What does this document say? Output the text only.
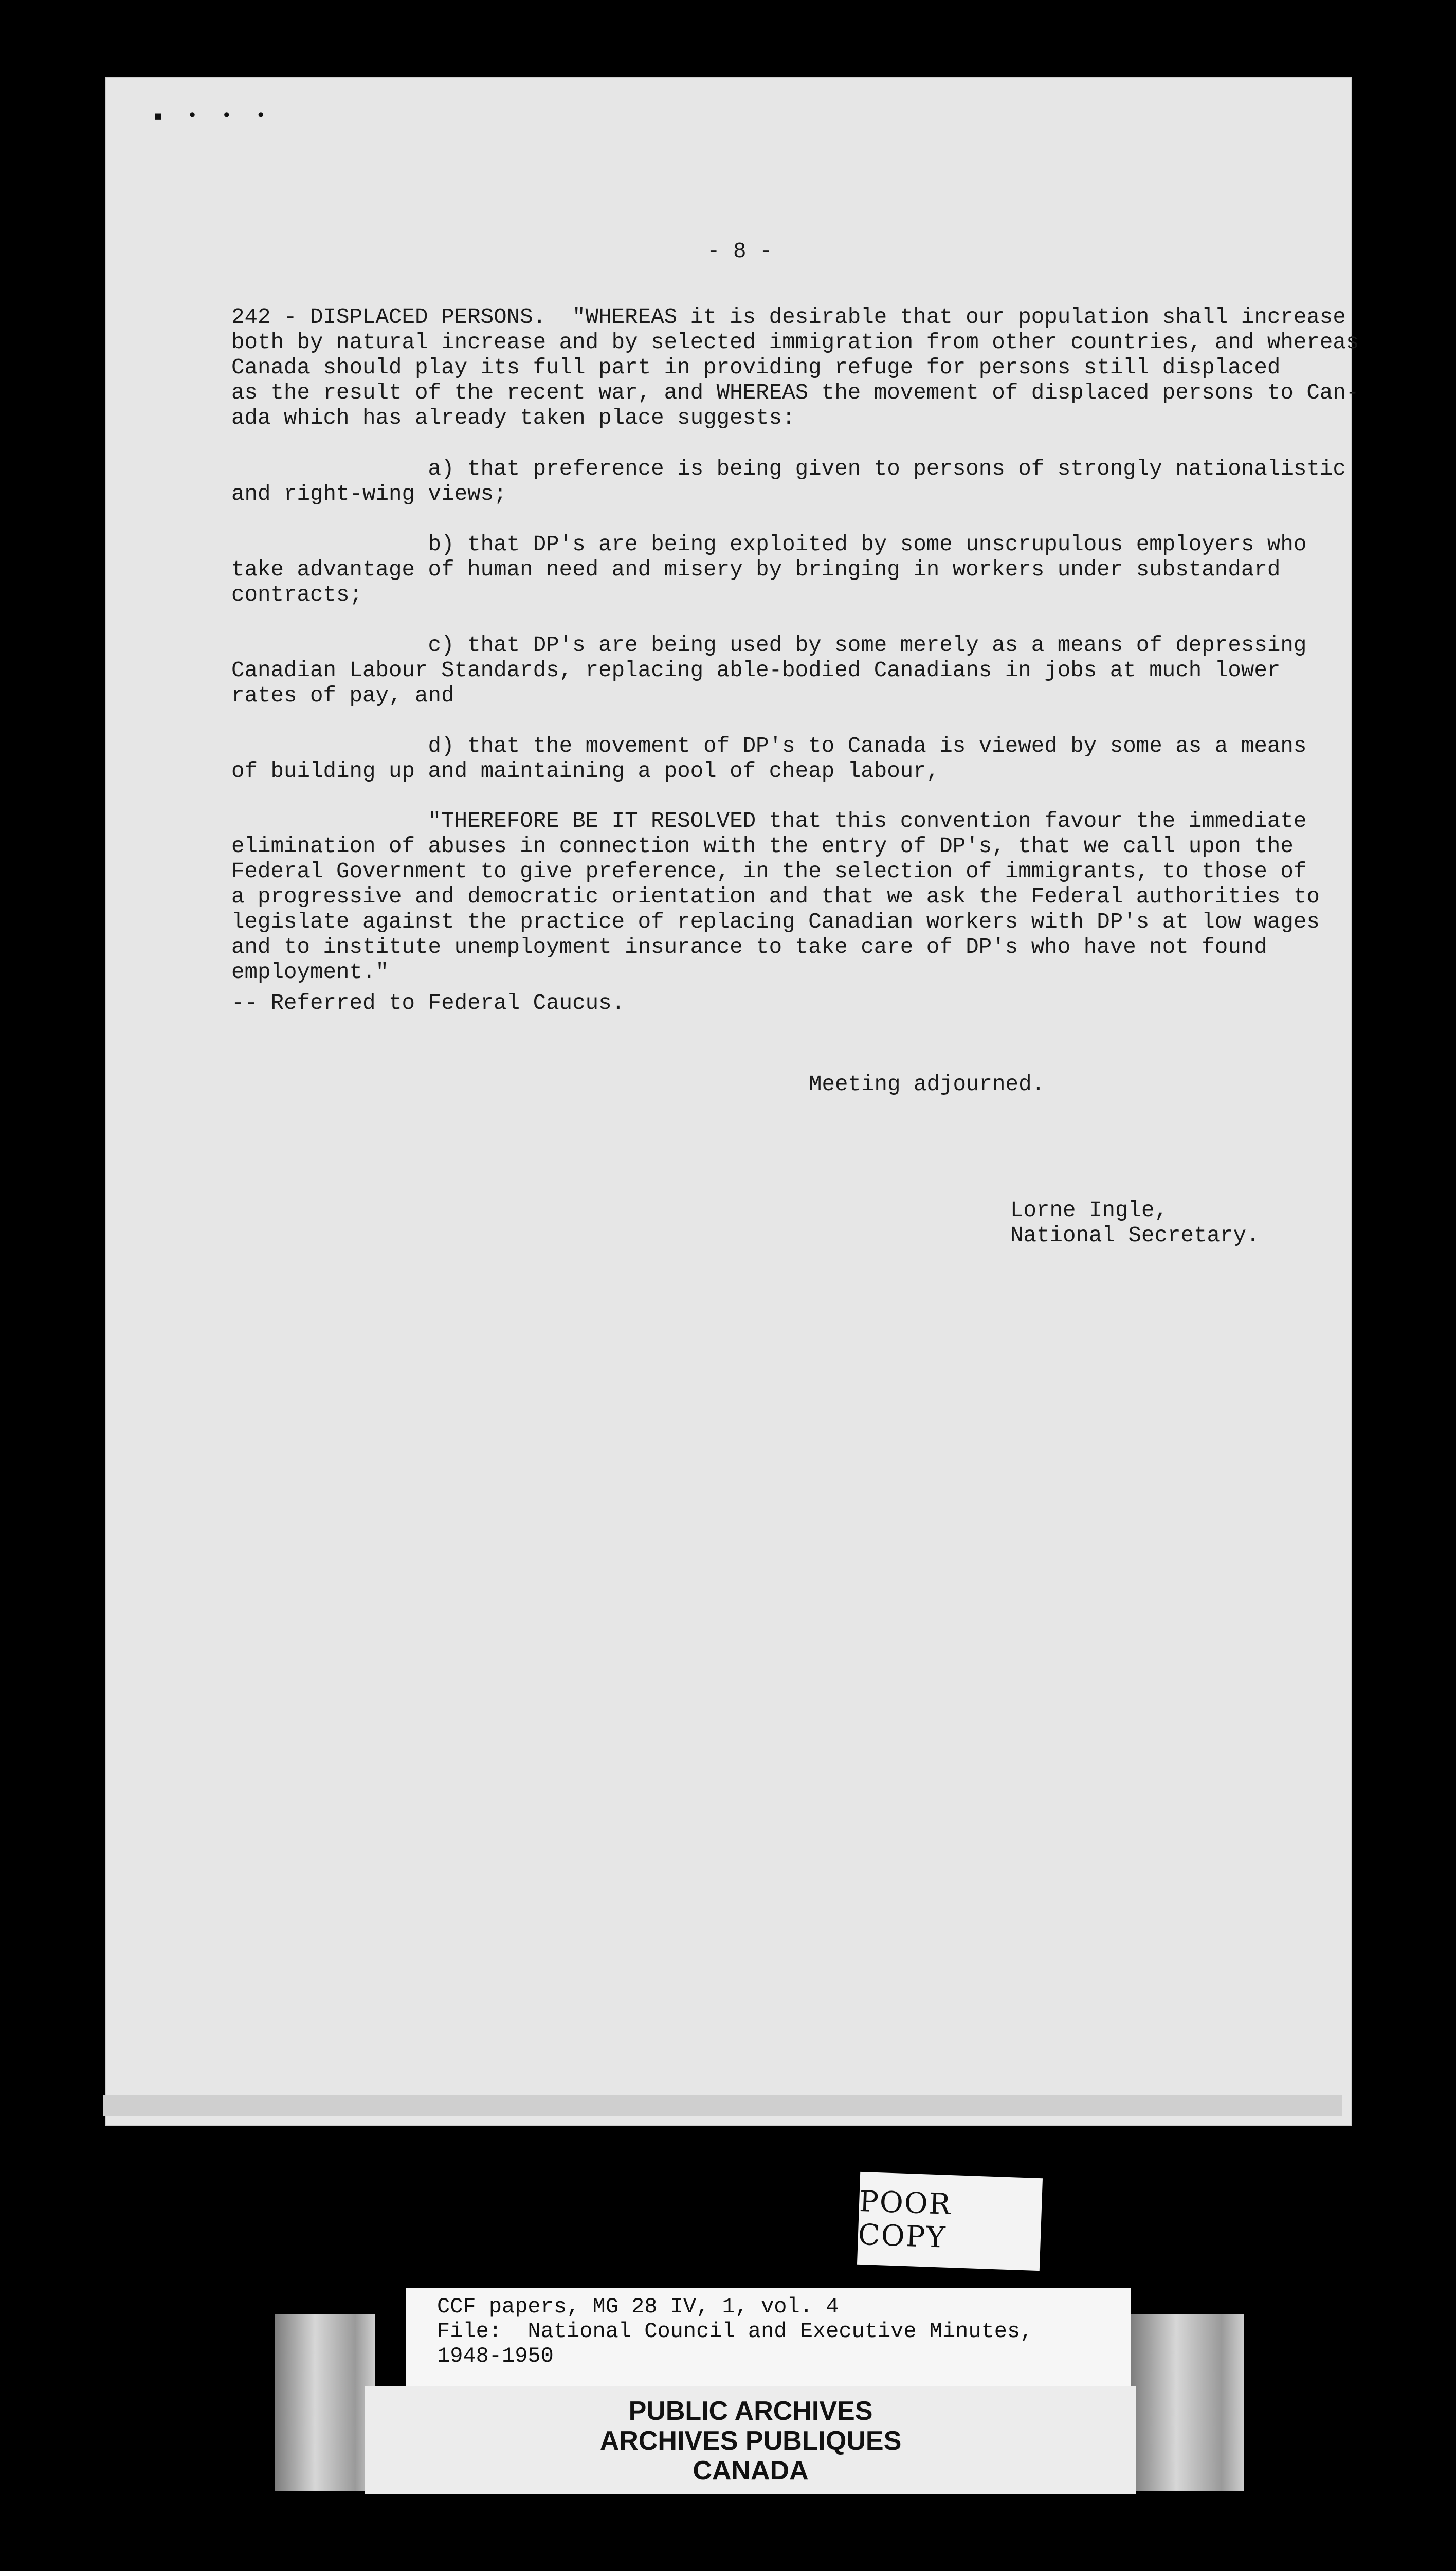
▪ • • •

- 8 -

242 - DISPLACED PERSONS.  "WHEREAS it is desirable that our population shall increase
both by natural increase and by selected immigration from other countries, and whereas
Canada should play its full part in providing refuge for persons still displaced
as the result of the recent war, and WHEREAS the movement of displaced persons to Can-
ada which has already taken place suggests:

a) that preference is being given to persons of strongly nationalistic
and right-wing views;

b) that DP's are being exploited by some unscrupulous employers who
take advantage of human need and misery by bringing in workers under substandard
contracts;

c) that DP's are being used by some merely as a means of depressing
Canadian Labour Standards, replacing able-bodied Canadians in jobs at much lower
rates of pay, and

d) that the movement of DP's to Canada is viewed by some as a means
of building up and maintaining a pool of cheap labour,

"THEREFORE BE IT RESOLVED that this convention favour the immediate
elimination of abuses in connection with the entry of DP's, that we call upon the
Federal Government to give preference, in the selection of immigrants, to those of
a progressive and democratic orientation and that we ask the Federal authorities to
legislate against the practice of replacing Canadian workers with DP's at low wages
and to institute unemployment insurance to take care of DP's who have not found
employment."

-- Referred to Federal Caucus.

Meeting adjourned.

Lorne Ingle,
National Secretary.

POOR COPY
CCF papers, MG 28 IV, 1, vol. 4
File:  National Council and Executive Minutes,
1948-1950
PUBLIC ARCHIVES
ARCHIVES PUBLIQUES
CANADA
